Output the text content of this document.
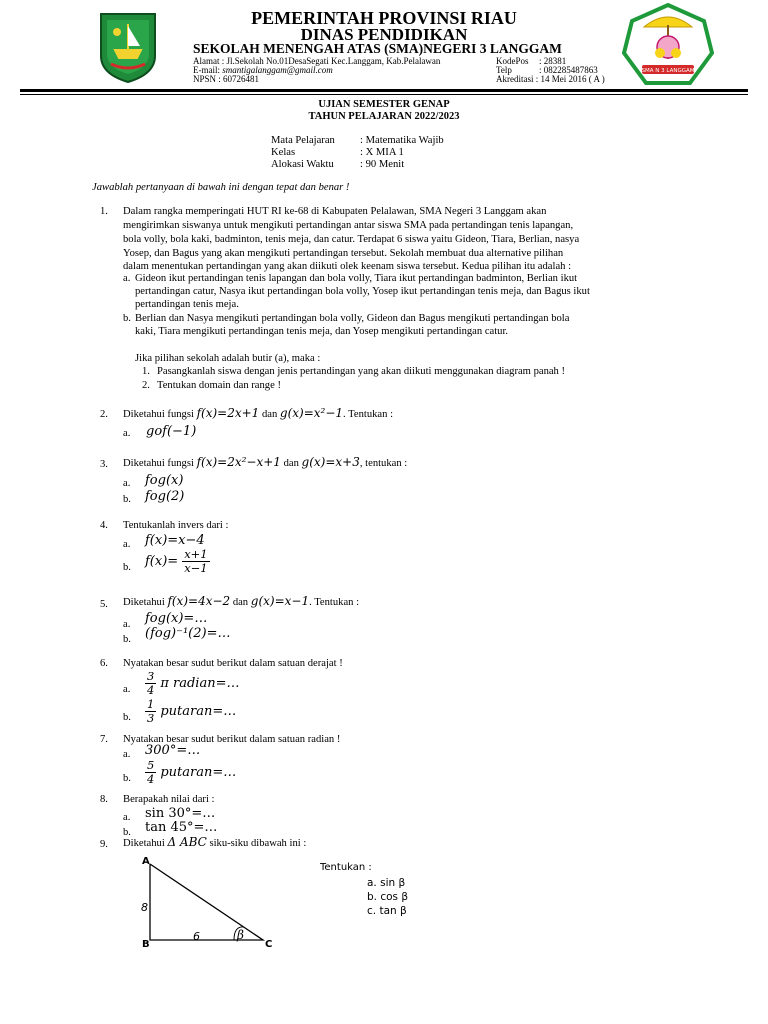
PEMERINTAH PROVINSI RIAU
DINAS PENDIDIKAN
SEKOLAH MENENGAH ATAS (SMA)NEGERI 3 LANGGAM
Alamat : Jl.Sekolah No.01DesaSegati Kec.Langgam, Kab.Pelalawan
E-mail: smantigalanggam@gmail.com
NPSN : 60726481
KodePos : 28381
Telp	: 082285487863
Akreditasi : 14 Mei 2016 ( A )
SMA N 3 LANGGAM
UJIAN SEMESTER GENAP
TAHUN PELAJARAN 2022/2023
Mata Pelajaran : Matematika Wajib
Kelas	: X MIA 1
Alokasi Waktu : 90 Menit
Jawablah pertanyaan di bawah ini dengan tepat dan benar !
1. Dalam rangka memperingati HUT RI ke-68 di Kabupaten Pelalawan, SMA Negeri 3 Langgam akan
mengirimkan siswanya untuk mengikuti pertandingan antar siswa SMA pada pertandingan tenis lapangan,
bola volly, bola kaki, badminton, tenis meja, dan catur. Terdapat 6 siswa yaitu Gideon, Tiara, Berlian, nasya
Yosep, dan Bagus yang akan mengikuti pertandingan tersebut. Sekolah membuat dua alternative pilihan
dalam menentukan pertandingan yang akan diikuti olek keenam siswa tersebut. Kedua pilihan itu adalah :
a. Gideon ikut pertandingan tenis lapangan dan bola volly, Tiara ikut pertandingan badminton, Berlian ikut
pertandingan catur, Nasya ikut pertandingan bola volly, Yosep ikut pertandingan tenis meja, dan Bagus ikut
pertandingan tenis meja.
b. Berlian dan Nasya mengikuti pertandingan bola volly, Gideon dan Bagus mengikuti pertandingan bola
kaki, Tiara mengikuti pertandingan tenis meja, dan Yosep mengikuti pertandingan catur.
Jika pilihan sekolah adalah butir (a), maka :
1. Pasangkanlah siswa dengan jenis pertandingan yang akan diikuti menggunakan diagram panah !
2. Tentukan domain dan range !
2. Diketahui fungsi f(x)=2x+1 dan g(x)=x²−1. Tentukan :
a. gof(−1)
3. Diketahui fungsi f(x)=2x²−x+1 dan g(x)=x+3, tentukan :
a. fog(x)
b. fog(2)
4. Tentukanlah invers dari :
a. f(x)=x−4
b. $f(x)= \frac{x+1}{x-1}$
5. Diketahui f(x)=4x−2 dan g(x)=x−1. Tentukan :
a. fog(x)=…
b. (fog)⁻¹(2)=…
6. Nyatakan besar sudut berikut dalam satuan derajat !
a. $\frac{3}{4}$ π radian=…
b. $\frac{1}{3}$ putaran=…
7. Nyatakan besar sudut berikut dalam satuan radian !
a. 300°=…
b. $\frac{5}{4}$ putaran=…
8. Berapakah nilai dari :
a. sin 30°=…
b. tan 45°=…
9. Diketahui Δ ABC siku-siku dibawah ini :
A
B	C
8
6	β
Tentukan :
a. sin β
b. cos β
c. tan β
